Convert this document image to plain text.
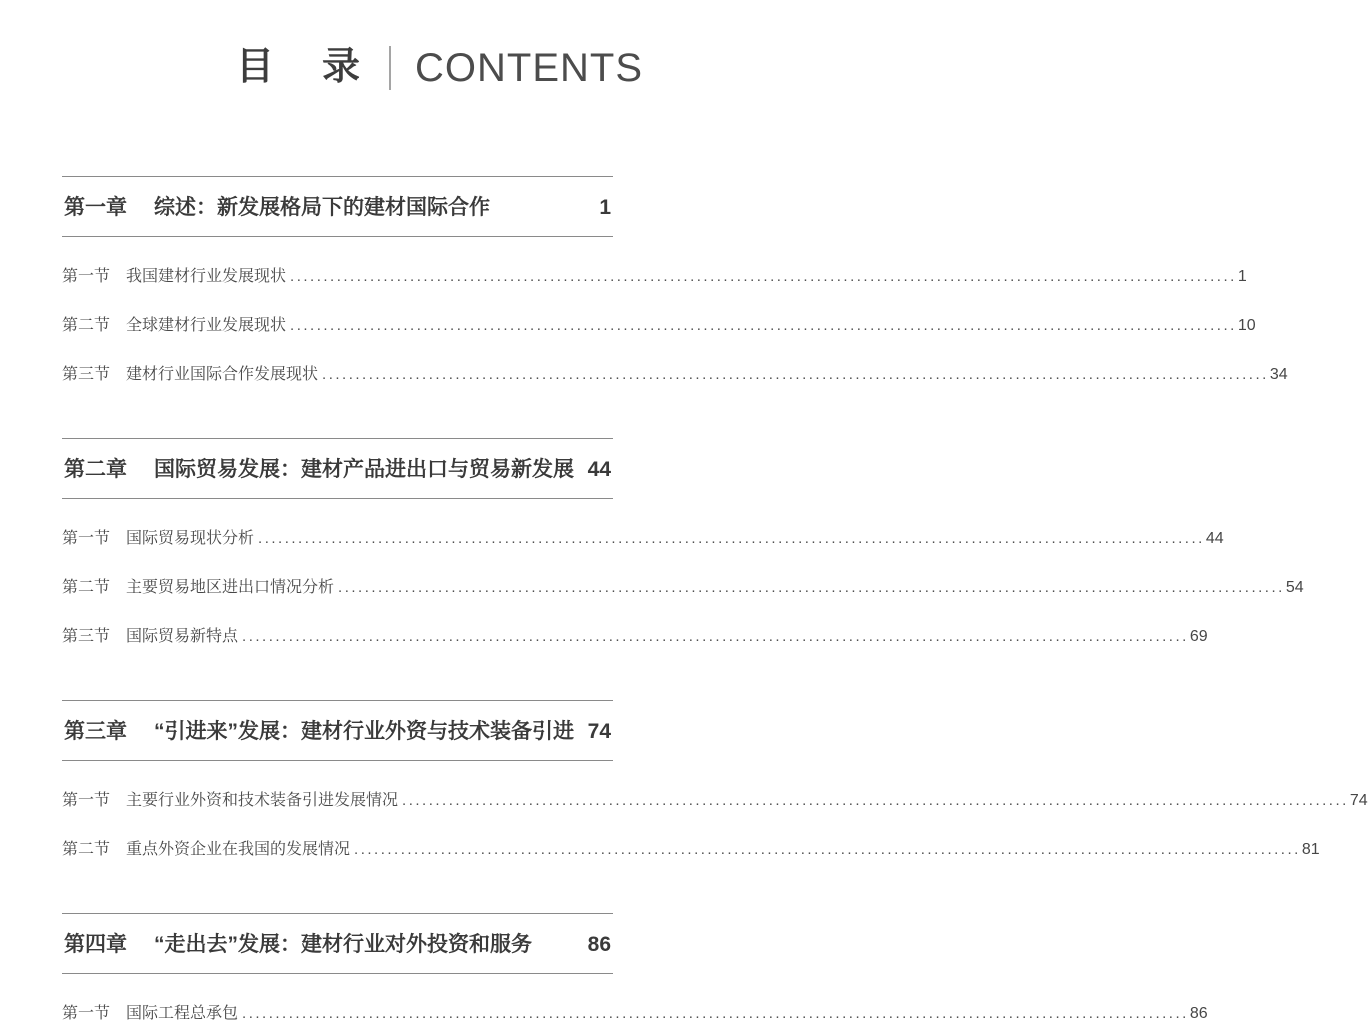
目　录 CONTENTS
第一章 综述：新发展格局下的建材国际合作	1
第一节 我国建材行业发展现状 .....	1
第二节 全球建材行业发展现状 .....	10
第三节 建材行业国际合作发展现状 .....	34
第二章 国际贸易发展：建材产品进出口与贸易新发展 44
第一节 国际贸易现状分析 .....	44
第二节 主要贸易地区进出口情况分析 .....	54
第三节 国际贸易新特点 .....	69
第三章 “引进来”发展：建材行业外资与技术装备引进 74
第一节 主要行业外资和技术装备引进发展情况 .....	74
第二节 重点外资企业在我国的发展情况 .....	81
第四章 “走出去”发展：建材行业对外投资和服务	86
第一节 国际工程总承包 .....	86
